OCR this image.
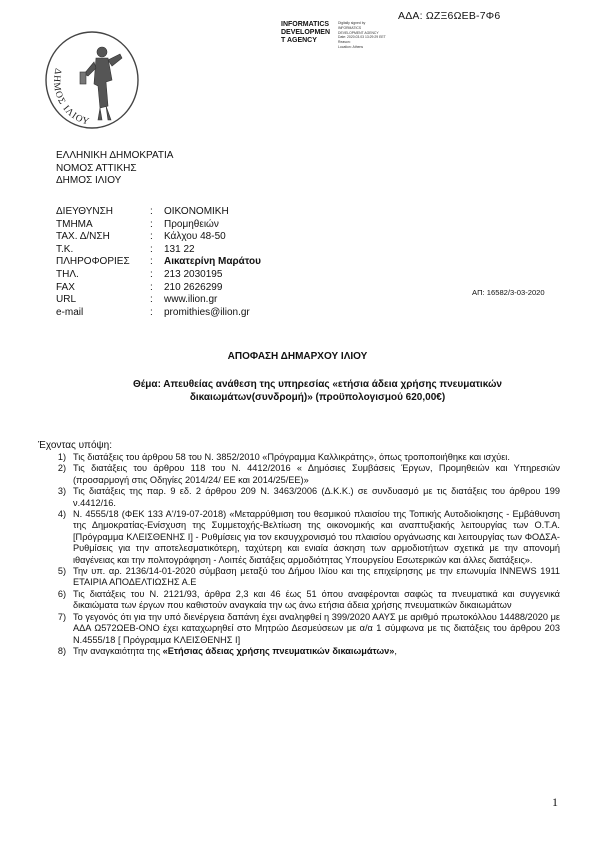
ΑΔΑ: ΩΖΞ6ΩΕΒ-7Φ6
INFORMATICS
DEVELOPMEN
T AGENCY
Digitally signed by
INFORMATICS
DEVELOPMENT AGENCY
Date: 2020.03.03 13:29:29 EET
Reason:
Location: Athens
ΔΗΜΟΣ ΙΛΙΟΥ
ΕΛΛΗΝΙΚΗ ΔΗΜΟΚΡΑΤΙΑ
ΝΟΜΟΣ ΑΤΤΙΚΗΣ
ΔΗΜΟΣ ΙΛΙΟΥ
ΔΙΕΥΘΥΝΣΗ	:	ΟΙΚΟΝΟΜΙΚΗ
ΤΜΗΜΑ	:	Προμηθειών
ΤΑΧ. Δ/ΝΣΗ	:	Κάλχου 48-50
Τ.Κ.	:	131 22
ΠΛΗΡΟΦΟΡΙΕΣ	:	Αικατερίνη Μαράτου
ΤΗΛ.	:	213 2030195
FAX	:	210 2626299
URL	:	www.ilion.gr
e-mail	:	promithies@ilion.gr
ΑΠ: 16582/3-03-2020
ΑΠΟΦΑΣΗ ΔΗΜΑΡΧΟΥ ΙΛΙΟΥ
Θέμα: Απευθείας ανάθεση της υπηρεσίας «ετήσια άδεια χρήσης πνευματικών δικαιωμάτων(συνδρομή)» (προϋπολογισμού 620,00€)
Έχοντας υπόψη:
1) Τις διατάξεις του άρθρου 58 του Ν. 3852/2010 «Πρόγραμμα Καλλικράτης», όπως τροποποιήθηκε και ισχύει.
2) Τις διατάξεις του άρθρου 118 του Ν. 4412/2016 « Δημόσιες Συμβάσεις Έργων, Προμηθειών και Υπηρεσιών (προσαρμογή στις Οδηγίες 2014/24/ ΕΕ και 2014/25/ΕΕ)»
3) Τις διατάξεις της παρ. 9 εδ. 2 άρθρου 209 Ν. 3463/2006 (Δ.Κ.Κ.) σε συνδυασμό με τις διατάξεις του άρθρου 199 ν.4412/16.
4) Ν. 4555/18 (ΦΕΚ 133 Α'/19-07-2018) «Μεταρρύθμιση του θεσμικού πλαισίου της Τοπικής Αυτοδιοίκησης - Εμβάθυνση της Δημοκρατίας-Ενίσχυση της Συμμετοχής-Βελτίωση της οικονομικής και αναπτυξιακής λειτουργίας των Ο.Τ.Α. [Πρόγραμμα ΚΛΕΙΣΘΕΝΗΣ Ι] - Ρυθμίσεις για τον εκσυγχρονισμό του πλαισίου οργάνωσης και λειτουργίας των ΦΟΔΣΑ-Ρυθμίσεις για την αποτελεσματικότερη, ταχύτερη και ενιαία άσκηση των αρμοδιοτήτων σχετικά με την απονομή ιθαγένειας και την πολιτογράφηση - Λοιπές διατάξεις αρμοδιότητας Υπουργείου Εσωτερικών και άλλες διατάξεις».
5) Την υπ. αρ. 2136/14-01-2020 σύμβαση μεταξύ του Δήμου Ιλίου και της επιχείρησης με την επωνυμία INNEWS 1911 ΕΤΑΙΡΙΑ ΑΠΟΔΕΛΤΙΩΣΗΣ Α.Ε
6) Τις διατάξεις του Ν. 2121/93, άρθρα 2,3 και 46 έως 51 όπου αναφέρονται σαφώς τα πνευματικά και συγγενικά δικαιώματα των έργων που καθιστούν αναγκαία την ως άνω ετήσια άδεια χρήσης πνευματικών δικαιωμάτων
7) Το γεγονός ότι για την υπό διενέργεια δαπάνη έχει αναληφθεί η 399/2020 ΑΑΥΣ με αριθμό πρωτοκόλλου 14488/2020 με ΑΔΑ Ω572ΩΕΒ-ΟΝΟ έχει καταχωρηθεί στο Μητρώο Δεσμεύσεων με α/α 1 σύμφωνα με τις διατάξεις του άρθρου 203 Ν.4555/18 [ Πρόγραμμα ΚΛΕΙΣΘΕΝΗΣ Ι]
8) Την αναγκαιότητα της «Ετήσιας άδειας χρήσης πνευματικών δικαιωμάτων»,
1
